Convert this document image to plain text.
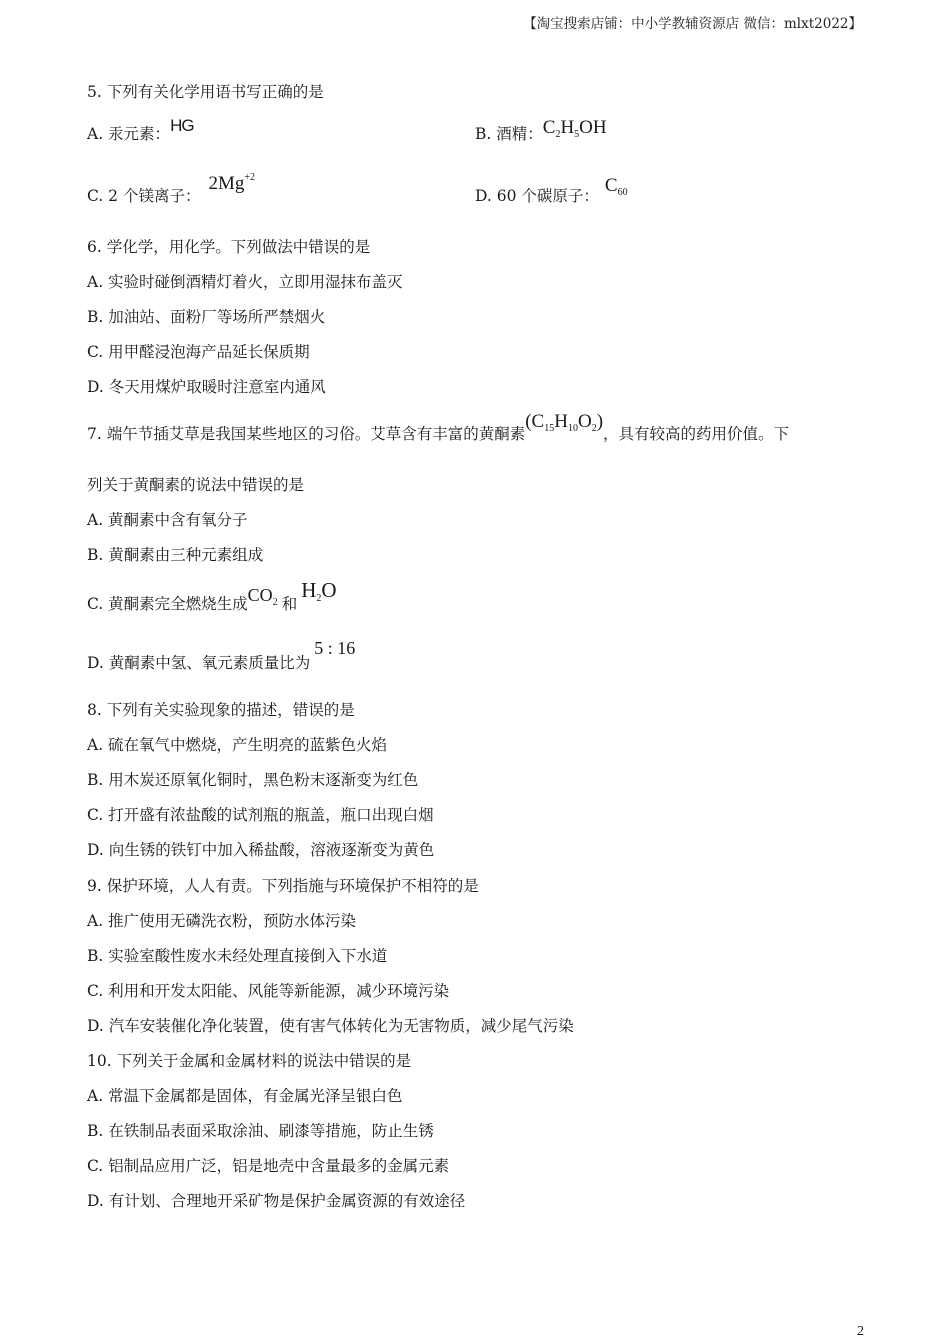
【淘宝搜索店铺：中小学教辅资源店 微信：mlxt2022】
5. 下列有关化学用语书写正确的是
A. 汞元素：HG	B. 酒精：$C_2H_5OH$
C. 2 个镁离子：$2Mg^{+2}$
D. 60 个碳原子： $C_{60}$
6. 学化学，用化学。下列做法中错误的是
A. 实验时碰倒酒精灯着火，立即用湿抹布盖灭
B. 加油站、面粉厂等场所严禁烟火
C. 用甲醛浸泡海产品延长保质期
D. 冬天用煤炉取暖时注意室内通风
7. 端午节插艾草是我国某些地区的习俗。艾草含有丰富的黄酮素$(C_{15}H_{10}O_2)$，具有较高的药用价值。下
列关于黄酮素的说法中错误的是
A. 黄酮素中含有氧分子
B. 黄酮素由三种元素组成
C. 黄酮素完全燃烧生成$CO_2$ 和$H_2O$
D. 黄酮素中氢、氧元素质量比为5 : 16
8. 下列有关实验现象的描述，错误的是
A. 硫在氧气中燃烧，产生明亮的蓝紫色火焰
B. 用木炭还原氧化铜时，黑色粉末逐渐变为红色
C. 打开盛有浓盐酸的试剂瓶的瓶盖，瓶口出现白烟
D. 向生锈的铁钉中加入稀盐酸，溶液逐渐变为黄色
9. 保护环境，人人有责。下列指施与环境保护不相符的是
A. 推广使用无磷洗衣粉，预防水体污染
B. 实验室酸性废水未经处理直接倒入下水道
C. 利用和开发太阳能、风能等新能源，减少环境污染
D. 汽车安装催化净化装置，使有害气体转化为无害物质，减少尾气污染
10. 下列关于金属和金属材料的说法中错误的是
A. 常温下金属都是固体，有金属光泽呈银白色
B. 在铁制品表面采取涂油、刷漆等措施，防止生锈
C. 铝制品应用广泛，铝是地壳中含量最多的金属元素
D. 有计划、合理地开采矿物是保护金属资源的有效途径
2
